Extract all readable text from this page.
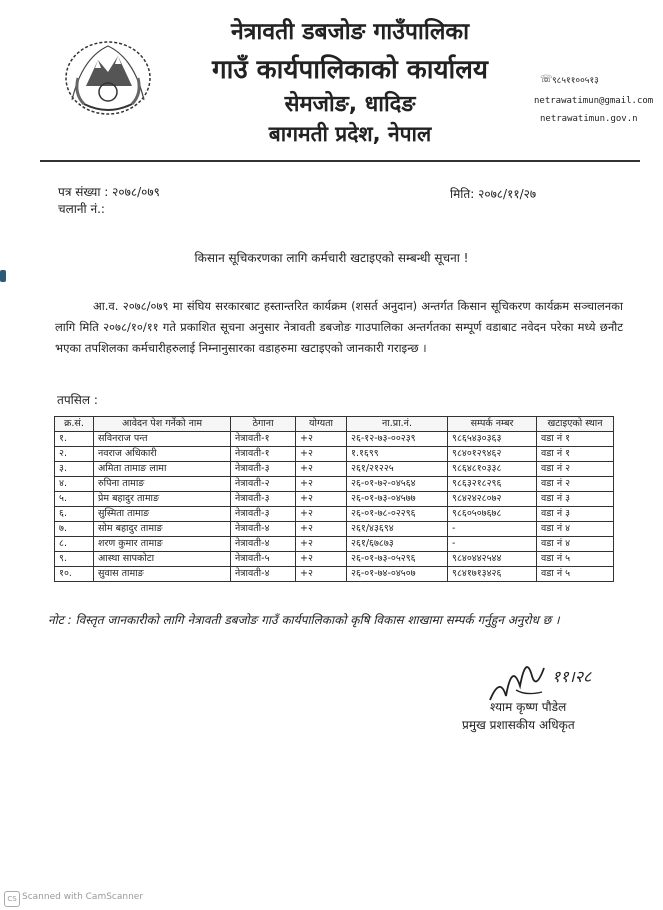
नेत्रावती डबजोङ गाउँपालिका
गाउँ कार्यपालिकाको कार्यालय
सेमजोङ, धादिङ
बागमती प्रदेश, नेपाल
☏ ९८५११००५१३
netrawatimun@gmail.com
netrawatimun.gov.n
पत्र संख्या : २०७८/०७९
चलानी नं.:
मिति: २०७८/११/२७
किसान सूचिकरणका लागि कर्मचारी खटाइएको सम्बन्धी सूचना !
आ.व. २०७८/०७९ मा संघिय सरकारबाट हस्तान्तरित कार्यक्रम (शसर्त अनुदान) अन्तर्गत किसान सूचिकरण कार्यक्रम सञ्चालनका लागि मिति २०७८/१०/११ गते प्रकाशित सूचना अनुसार नेत्रावती डबजोङ गाउपालिका अन्तर्गतका सम्पूर्ण वडाबाट नवेदन परेका मध्ये छनौट भएका तपशिलका कर्मचारीहरुलाई निम्नानुसारका वडाहरुमा खटाइएको जानकारी गराइन्छ ।
तपसिल :
क्र.सं.	आवेदन पेश गर्नेको नाम	ठेगाना	योग्यता	ना.प्रा.नं.	सम्पर्क नम्बर	खटाइएको स्थान
१.	सविनराज पन्त	नेत्रावती-१	+२	२६-१२-७३-००२३९	९८६५४३०३६३	वडा नं १
२.	नवराज अधिकारी	नेत्रावती-१	+२	१.१६९९	९८४०१२९४६२	वडा नं १
३.	अमिता तामाङ लामा	नेत्रावती-३	+२	२६१/२१२२५	९८६४८१०३३८	वडा नं २
४.	रुपिना तामाङ	नेत्रावती-२	+२	२६-०१-७२-०४५६४	९८६३२१८२९६	वडा नं २
५.	प्रेम बहादुर तामाङ	नेत्रावती-३	+२	२६-०१-७३-०४५७७	९८४२४२८०७२	वडा नं ३
६.	सुस्मिता तामाङ	नेत्रावती-३	+२	२६-०१-७८-०२२९६	९८६०५०७६७८	वडा नं ३
७.	सोम बहादुर तामाङ	नेत्रावती-४	+२	२६१/४३६९४	-	वडा नं ४
८.	शरण कुमार तामाङ	नेत्रावती-४	+२	२६१/६७८७३	-	वडा नं ४
९.	आस्था सापकोटा	नेत्रावती-५	+२	२६-०१-७३-०५२९६	९८४०४४२५४४	वडा नं ५
१०.	सुवास तामाङ	नेत्रावती-४	+२	२६-०१-७४-०४५०७	९८४१७१३४२६	वडा नं ५
नोट : विस्तृत जानकारीको लागि नेत्रावती डबजोङ गाउँ कार्यपालिकाको कृषि विकास शाखामा सम्पर्क गर्नुहुन अनुरोध छ ।
११।२८
श्याम कृष्ण पौडेल
प्रमुख प्रशासकीय अधिकृत
CS Scanned with CamScanner
